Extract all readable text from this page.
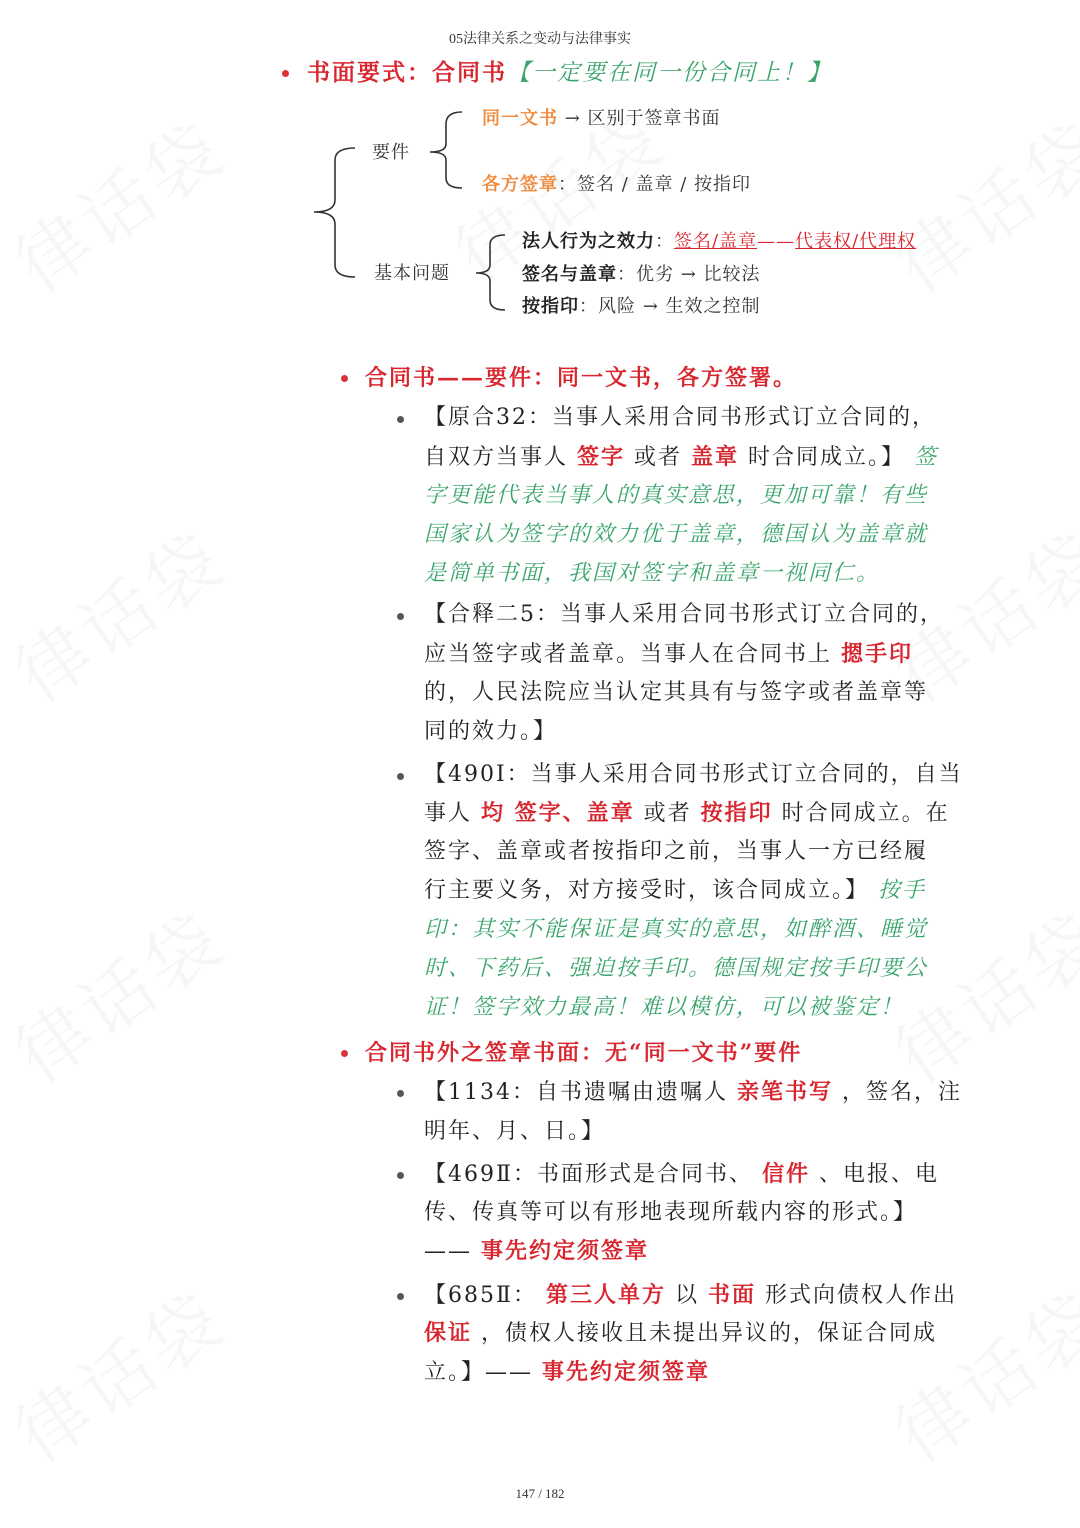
05法律关系之变动与法律事实
书面要式：合同书【一定要在同一份合同上！】
要件
同一文书 → 区别于签章书面
各方签章：签名 / 盖章 / 按指印
基本问题
法人行为之效力：签名/盖章——代表权/代理权
签名与盖章：优劣 → 比较法
按指印：风险 → 生效之控制
合同书——要件：同一文书，各方签署。
【原合32：当事人采用合同书形式订立合同的，
自双方当事人 签字 或者 盖章 时合同成立。】 签
字更能代表当事人的真实意思，更加可靠！有些
国家认为签字的效力优于盖章，德国认为盖章就
是简单书面，我国对签字和盖章一视同仁。
【合释二5：当事人采用合同书形式订立合同的，
应当签字或者盖章。当事人在合同书上 摁手印
的，人民法院应当认定其具有与签字或者盖章等
同的效力。】
【490Ⅰ：当事人采用合同书形式订立合同的，自当
事人 均 签字、盖章 或者 按指印 时合同成立。在
签字、盖章或者按指印之前，当事人一方已经履
行主要义务，对方接受时，该合同成立。】 按手
印：其实不能保证是真实的意思，如醉酒、睡觉
时、下药后、强迫按手印。德国规定按手印要公
证！签字效力最高！难以模仿，可以被鉴定！
合同书外之签章书面：无“同一文书”要件
【1134：自书遗嘱由遗嘱人 亲笔书写 ，签名，注
明年、月、日。】
【469Ⅱ：书面形式是合同书、 信件 、电报、电
传、传真等可以有形地表现所载内容的形式。】
—— 事先约定须签章
【685Ⅱ： 第三人单方 以 书面 形式向债权人作出
保证 ，债权人接收且未提出异议的，保证合同成
立。】—— 事先约定须签章
147 / 182
